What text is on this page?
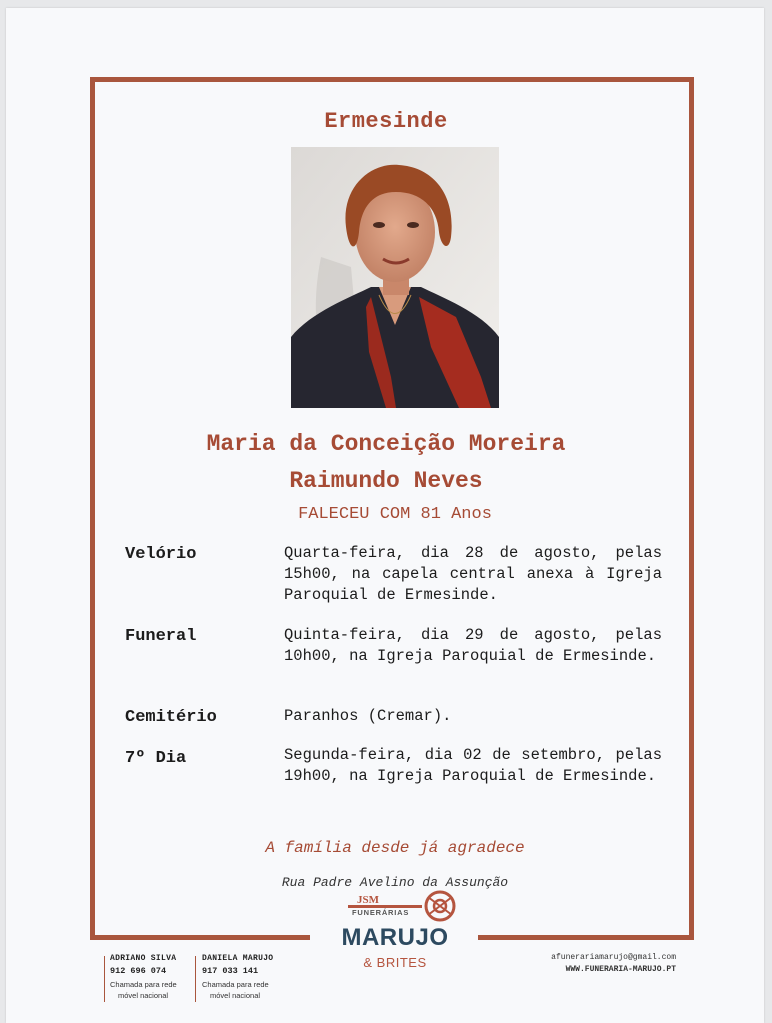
Ermesinde
Maria da Conceição Moreira
Raimundo Neves
FALECEU COM 81 Anos
Velório	Quarta-feira, dia 28 de agosto, pelas 15h00, na capela central anexa à Igreja Paroquial de Ermesinde.
Funeral	Quinta-feira, dia 29 de agosto, pelas 10h00, na Igreja Paroquial de Ermesinde.
Cemitério	Paranhos (Cremar).
7º Dia	Segunda-feira, dia 02 de setembro, pelas 19h00, na Igreja Paroquial de Ermesinde.
A família desde já agradece
Rua Padre Avelino da Assunção
JSM
FUNERÁRIAS
MARUJO
& BRITES
ADRIANO SILVA
912 696 074
Chamada para rede
móvel nacional
DANIELA MARUJO
917 033 141
Chamada para rede
móvel nacional
afunerariamarujo@gmail.com
WWW.FUNERARIA-MARUJO.PT
